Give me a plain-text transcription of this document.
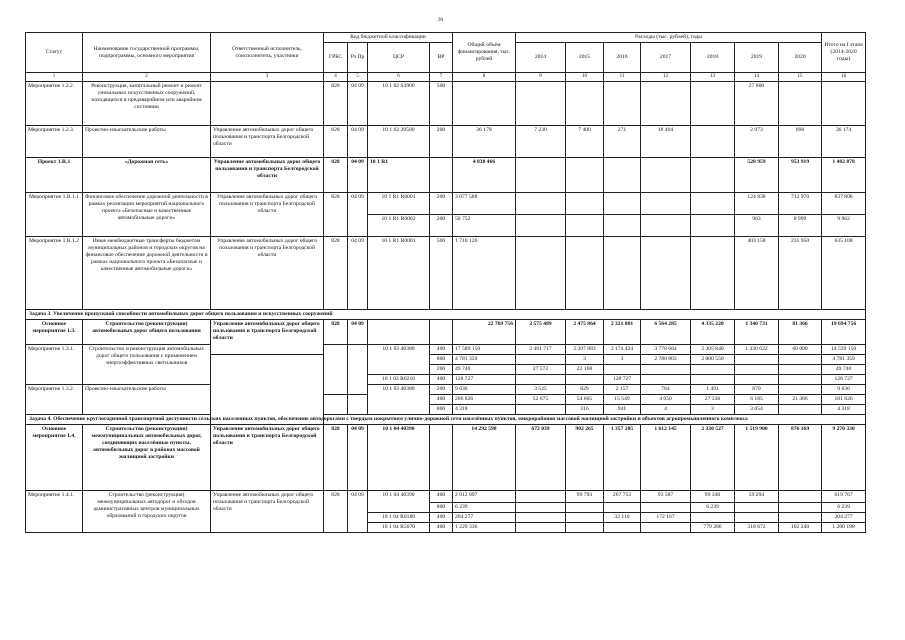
30
Статус	Наименование государственной программы, подпрограммы, основного мероприятия	Ответственный исполнитель, соисполнитель, участники	Код бюджетной классификации				Общий объём финансирования, тыс. рублей	Расходы (тыс. рублей), годы							Итого на I этапе (2014-2020 годы)
			ГРБС	Рз Пр	ЦСР	ВР		2014	2015	2016	2017	2018	2019	2020	
1	2	3	4	5	6	7	8	9	10	11	12	13	14	15	16
Мероприятие 1.2.2.	Реконструкция, капитальный ремонт и ремонт уникальных искусственных сооружений, находящихся в предаварийном или аварийном состоянии		828	04 09	10 1 02 S3900	500							27 800		
Мероприятие 1.2.3.	Проектно-изыскательские работы	Управление автомобильных дорог общего пользования и транспорта Белгородской области	828	04 09	10 1 02 20580	200	36 178	7 230	7 400	271	18 404		2 073	890	36 174
Проект 1.R.1	«Дорожная сеть»	Управление автомобильных дорог общего пользования и транспорта Белгородской области	828	04 09	10 1 R1		4 838 466						528 959	953 919	1 482 878
Мероприятие 1.R.1.1	Финансовое обеспечение дорожной деятельности в рамках реализации мероприятий национального проекта «Безопасные и качественные автомобильные дороги»	Управление автомобильных дорог общего пользования и транспорта Белгородской области	828	04 09	10 1 R1 R0001	200	3 077 588						124 838	712 970	837 808
					10 1 R1 R0002	200	50 752						963	8 999	9 962
Мероприятие 1.R.1.2	Иные межбюджетные трансферты бюджетам муниципальных районов и городских округов на финансовое обеспечение дорожной деятельности в рамках национального проекта «Безопасные и качественные автомобильные дороги»	Управление автомобильных дорог общего пользования и транспорта Белгородской области	828	04 09	10 1 R1 R0001	500	1 710 126						403 158	231 950	635 108
Задача 3. Увеличение пропускной способности автомобильных дорог общего пользования и искусственных сооружений															
Основное мероприятие 1.3.	Строительство (реконструкция) автомобильных дорог общего пользования	Управление автомобильных дорог общего пользования и транспорта Белгородской области	828	04 09			22 769 756	2 575 489	2 475 864	2 321 801	6 564 285	4 335 220	1 340 731	81 366	19 694 756
Мероприятие 1.3.1.	Строительство и реконструкция автомобильных дорог общего пользования с применением энергоэффективных светильников				10 1 03 40380	400	17 589 150	2 491 717	2 397 883	2 174 424	3 778 664	2 305 840	1 330 622	60 000	14 539 150
						800	4 781 359		3	3	2 780 803	2 000 550			4 781 359
						200	49 740	27 572	22 168						49 740
					10 1 03 R0210	400	128 727			128 727					128 727
Мероприятие 1.3.2.	Проектно-изыскательские работы				10 1 03 40380	200	9 636	3 525	829	2 157	764	1 491	870		9 636
						400	206 826	52 675	54 665	15 549	4 050	27 336	6 185	21 366	181 826
						800	4 318		316	941	4	3	3 054		4 318
Задача 4. Обеспечение круглогодичной транспортной доступности сельских населенных пунктов, обеспечение автодорогами с твердым покрытием улично-дорожной сети населённых пунктов, микрорайонов массовой жилищной застройки и объектов агропромышленного комплекса															
Основное мероприятие 1.4.	Строительство (реконструкция) межмуниципальных автомобильных дорог, соединяющих населённые пункты, автомобильных дорог в районах массовой жилищной застройки	Управление автомобильных дорог общего пользования и транспорта Белгородской области	828	04 09	10 1 04 40390		14 292 598	672 039	902 265	1 357 285	1 612 145	2 330 527	1 519 900	876 169	9 270 330
Мероприятие 1.4.1.	Строительство (реконструкция) межмуниципальных автодорог и обходов административных центров муниципальных образований и городских округов	Управление автомобильных дорог общего пользования и транспорта Белгородской области	828	04 09	10 1 04 40390	400	2 012 897		99 793	267 753	93 587	99 340	59 294		619 767
						800	6 239					6 239			6 239
					10 1 04 R0180	400	204 277			32 110	172 167				204 277
					10 1 04 R5670	400	1 229 336					779 286	318 672	102 240	1 200 198
